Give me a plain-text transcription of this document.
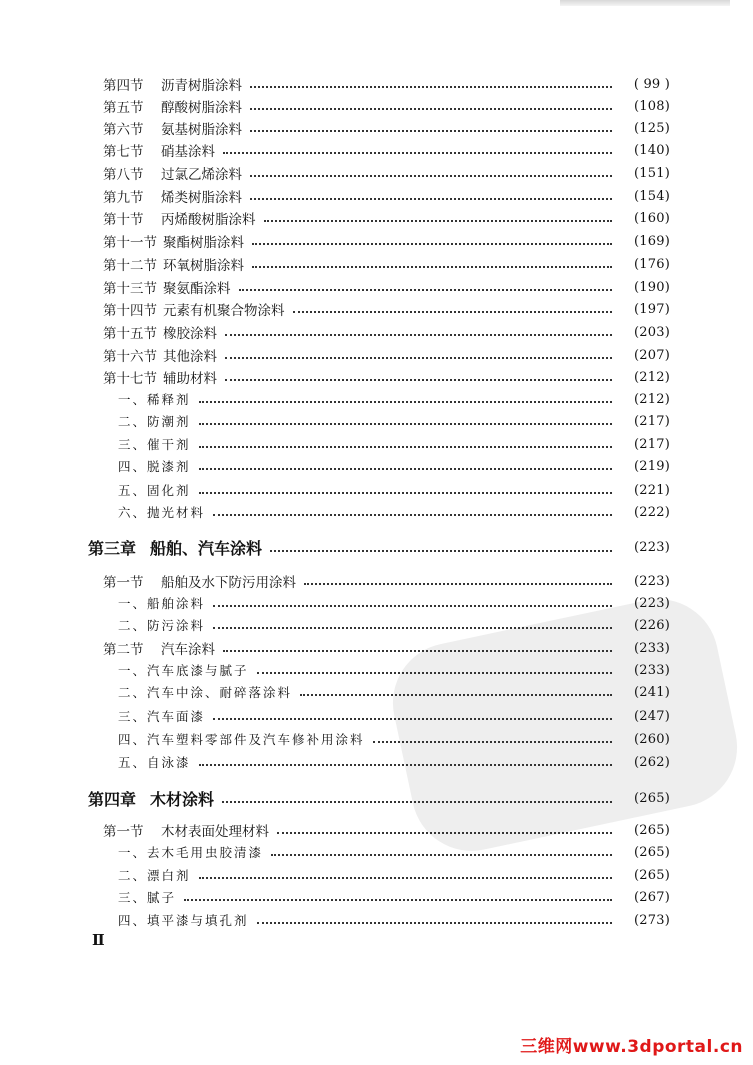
第四节	沥青树脂涂料	( 99 )
第五节	醇酸树脂涂料	(108)
第六节	氨基树脂涂料	(125)
第七节	硝基涂料	(140)
第八节	过氯乙烯涂料	(151)
第九节	烯类树脂涂料	(154)
第十节	丙烯酸树脂涂料	(160)
第十一节 聚酯树脂涂料	(169)
第十二节 环氧树脂涂料	(176)
第十三节 聚氨酯涂料	(190)
第十四节 元素有机聚合物涂料	(197)
第十五节 橡胶涂料	(203)
第十六节 其他涂料	(207)
第十七节 辅助材料	(212)
一、稀释剂	(212)
二、防潮剂	(217)
三、催干剂	(217)
四、脱漆剂	(219)
五、固化剂	(221)
六、抛光材料	(222)
第三章 船舶、汽车涂料	(223)
第一节	船舶及水下防污用涂料	(223)
一、船舶涂料	(223)
二、防污涂料	(226)
第二节	汽车涂料	(233)
一、汽车底漆与腻子	(233)
二、汽车中涂、耐碎落涂料	(241)
三、汽车面漆	(247)
四、汽车塑料零部件及汽车修补用涂料	(260)
五、自泳漆	(262)
第四章 木材涂料	(265)
第一节	木材表面处理材料	(265)
一、去木毛用虫胶清漆	(265)
二、漂白剂	(265)
三、腻子	(267)
四、填平漆与填孔剂	(273)
Ⅱ
三维网www.3dportal.cn
